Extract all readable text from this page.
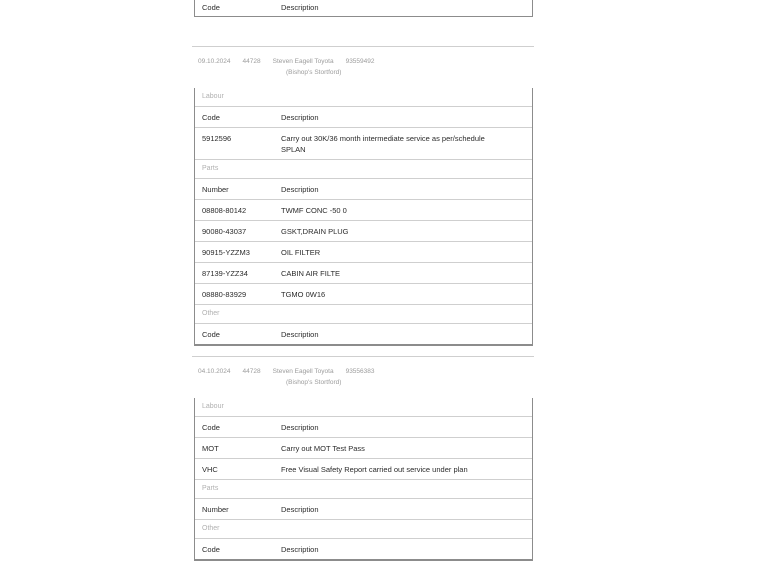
Code	Description
09.10.2024 44728 Steven Eagell Toyota 93559492
(Bishop's Stortford)
Labour
Code	Description
5912596	Carry out 30K/36 month intermediate service as per/schedule SPLAN
Parts
Number	Description
08808-80142	TWMF CONC -50 0
90080-43037	GSKT,DRAIN PLUG
90915-YZZM3	OIL FILTER
87139-YZZ34	CABIN AIR FILTE
08880-83929	TGMO 0W16
Other
Code	Description
04.10.2024 44728 Steven Eagell Toyota 93556383
(Bishop's Stortford)
Labour
Code	Description
MOT	Carry out MOT Test Pass
VHC	Free Visual Safety Report carried out service under plan
Parts
Number	Description
Other
Code	Description
